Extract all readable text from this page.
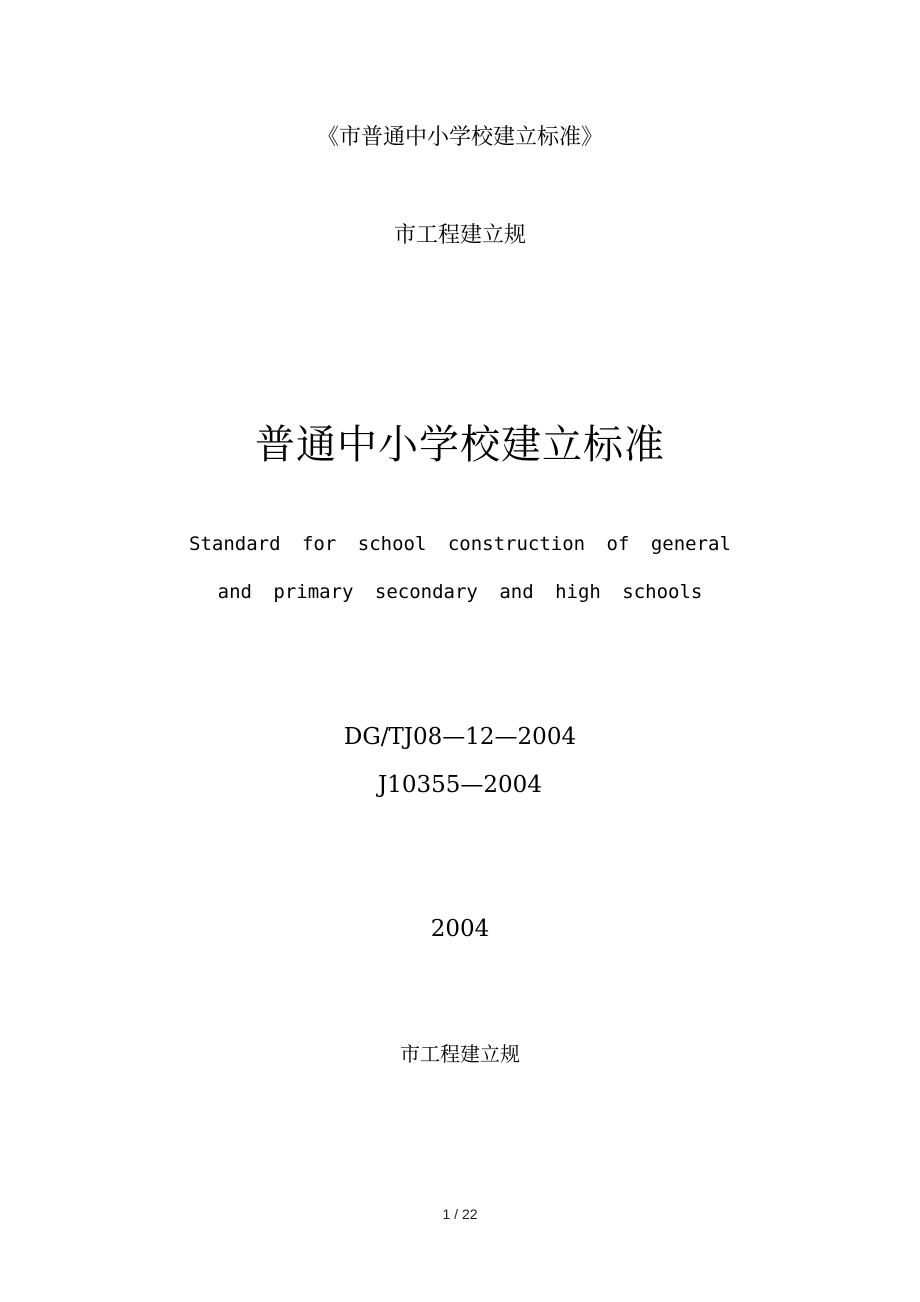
《市普通中小学校建立标准》
市工程建立规
普通中小学校建立标准
Standard for school construction of general
and primary secondary and high schools
DG/TJ08—12—2004
J10355—2004
2004
市工程建立规
1 / 22
